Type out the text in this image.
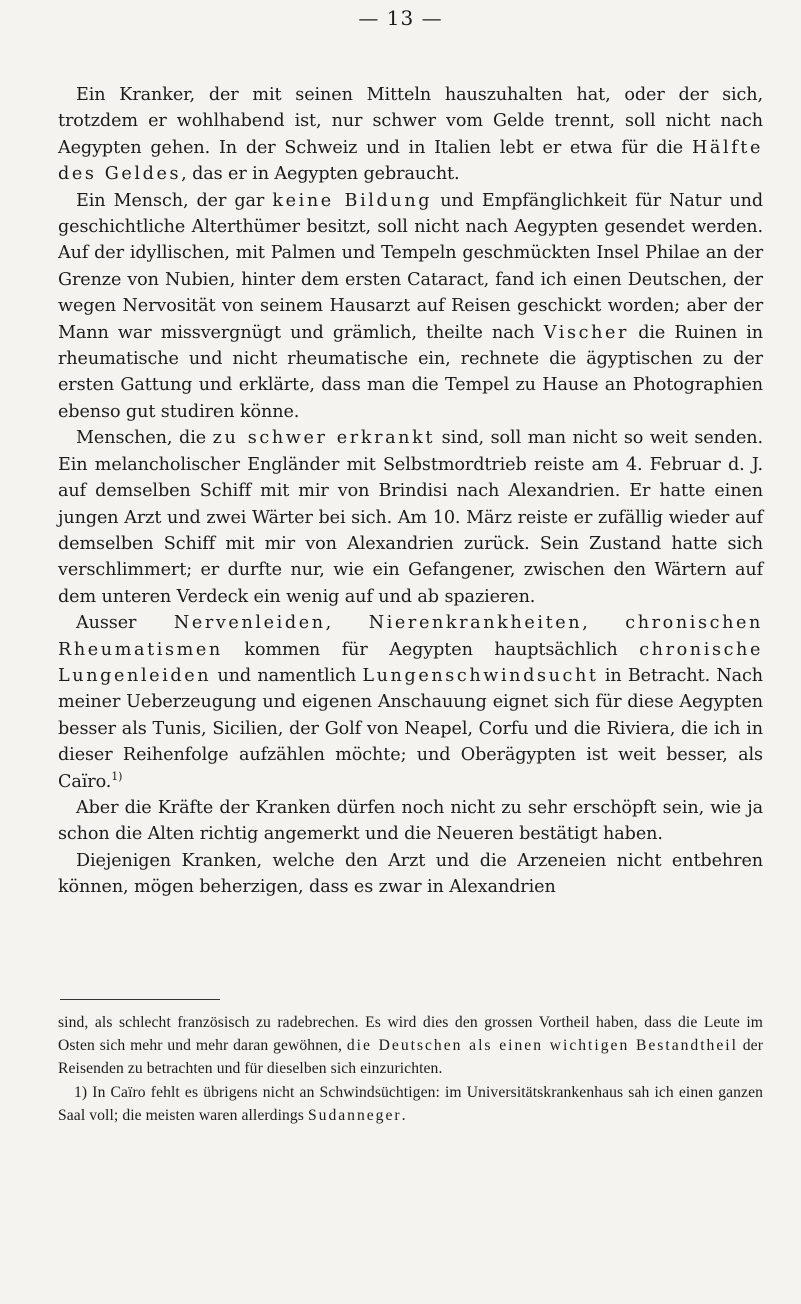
— 13 —

Ein Kranker, der mit seinen Mitteln hauszuhalten hat, oder der sich, trotzdem er wohlhabend ist, nur schwer vom Gelde trennt, soll nicht nach Aegypten gehen. In der Schweiz und in Italien lebt er etwa für die Hälfte des Geldes, das er in Aegypten gebraucht.

Ein Mensch, der gar keine Bildung und Empfänglichkeit für Natur und geschichtliche Alterthümer besitzt, soll nicht nach Aegypten gesendet werden. Auf der idyllischen, mit Palmen und Tempeln geschmückten Insel Philae an der Grenze von Nubien, hinter dem ersten Cataract, fand ich einen Deutschen, der wegen Nervosität von seinem Hausarzt auf Reisen geschickt worden; aber der Mann war missvergnügt und grämlich, theilte nach Vischer die Ruinen in rheumatische und nicht rheumatische ein, rechnete die ägyptischen zu der ersten Gattung und erklärte, dass man die Tempel zu Hause an Photographien ebenso gut studiren könne.

Menschen, die zu schwer erkrankt sind, soll man nicht so weit senden. Ein melancholischer Engländer mit Selbstmordtrieb reiste am 4. Februar d. J. auf demselben Schiff mit mir von Brindisi nach Alexandrien. Er hatte einen jungen Arzt und zwei Wärter bei sich. Am 10. März reiste er zufällig wieder auf demselben Schiff mit mir von Alexandrien zurück. Sein Zustand hatte sich verschlimmert; er durfte nur, wie ein Gefangener, zwischen den Wärtern auf dem unteren Verdeck ein wenig auf und ab spazieren.

Ausser Nervenleiden, Nierenkrankheiten, chronischen Rheumatismen kommen für Aegypten hauptsächlich chronische Lungenleiden und namentlich Lungenschwindsucht in Betracht. Nach meiner Ueberzeugung und eigenen Anschauung eignet sich für diese Aegypten besser als Tunis, Sicilien, der Golf von Neapel, Corfu und die Riviera, die ich in dieser Reihenfolge aufzählen möchte; und Oberägypten ist weit besser, als Caïro.$^{1)}$

Aber die Kräfte der Kranken dürfen noch nicht zu sehr erschöpft sein, wie ja schon die Alten richtig angemerkt und die Neueren bestätigt haben.

Diejenigen Kranken, welche den Arzt und die Arzeneien nicht entbehren können, mögen beherzigen, dass es zwar in Alexandrien

sind, als schlecht französisch zu radebrechen. Es wird dies den grossen Vortheil haben, dass die Leute im Osten sich mehr und mehr daran gewöhnen, die Deutschen als einen wichtigen Bestandtheil der Reisenden zu betrachten und für dieselben sich einzurichten.

1) In Caïro fehlt es übrigens nicht an Schwindsüchtigen: im Universitätskrankenhaus sah ich einen ganzen Saal voll; die meisten waren allerdings Sudanneger.
